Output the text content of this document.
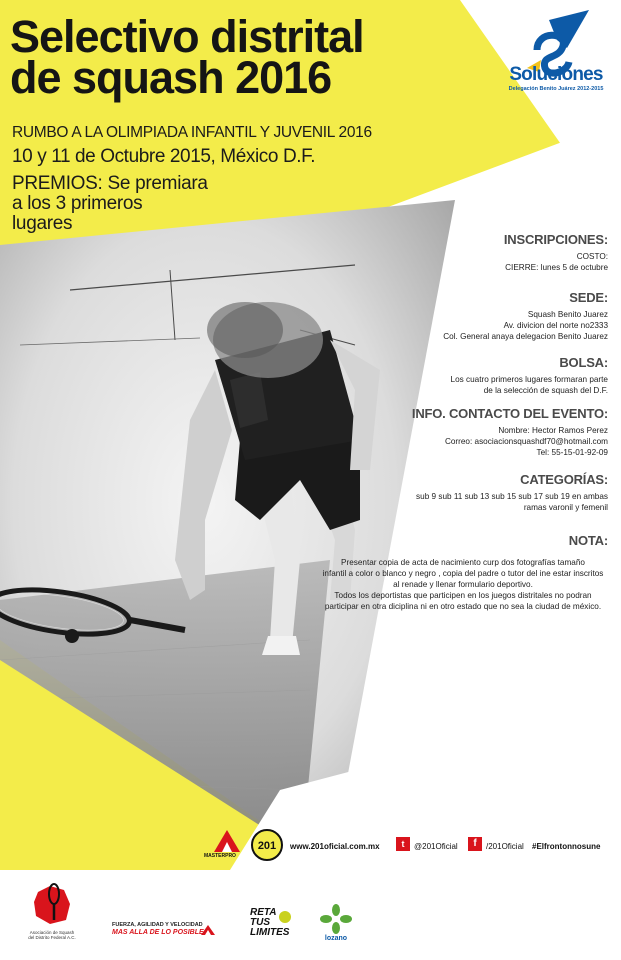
Selectivo distrital
de squash 2016
RUMBO A LA OLIMPIADA INFANTIL Y JUVENIL 2016
10 y 11 de Octubre 2015, México D.F.
PREMIOS: Se premiara
a los 3 primeros
lugares
Soluciones
Delegación Benito Juárez 2012-2015
INSCRIPCIONES:

COSTO:

CIERRE: lunes 5 de octubre

SEDE:

Squash Benito Juarez

Av. divicion del norte no2333

Col. General anaya delegacion Benito Juarez

BOLSA:

Los cuatro primeros lugares formaran parte

de la selección de squash del D.F.

INFO. CONTACTO DEL EVENTO:

Nombre: Hector Ramos Perez

Correo: asociacionsquashdf70@hotmail.com

Tel: 55-15-01-92-09

CATEGORÍAS:

sub 9 sub 11 sub 13 sub 15 sub 17 sub 19 en ambas

ramas varonil y femenil

NOTA:

Presentar copia de acta de nacimiento curp dos fotografías tamaño

infantil a color o blanco y negro , copia del padre o tutor del ine estar inscritos

al renade y llenar formulario deportivo.

Todos los deportistas que participen en los juegos distritales no podran

participar en otra diciplina ni en otro estado que no sea la ciudad de méxico.

MASTERPRO
201 www.201oficial.com.mx	t	@201Oficial	f	/201Oficial #Elfrontonnosune
Asociación de Squash
del Distrito Federal A.C.
FUERZA, AGILIDAD Y VELOCIDAD
MAS ALLA DE LO POSIBLE
RETA
TUS
LIMITES
lozano
